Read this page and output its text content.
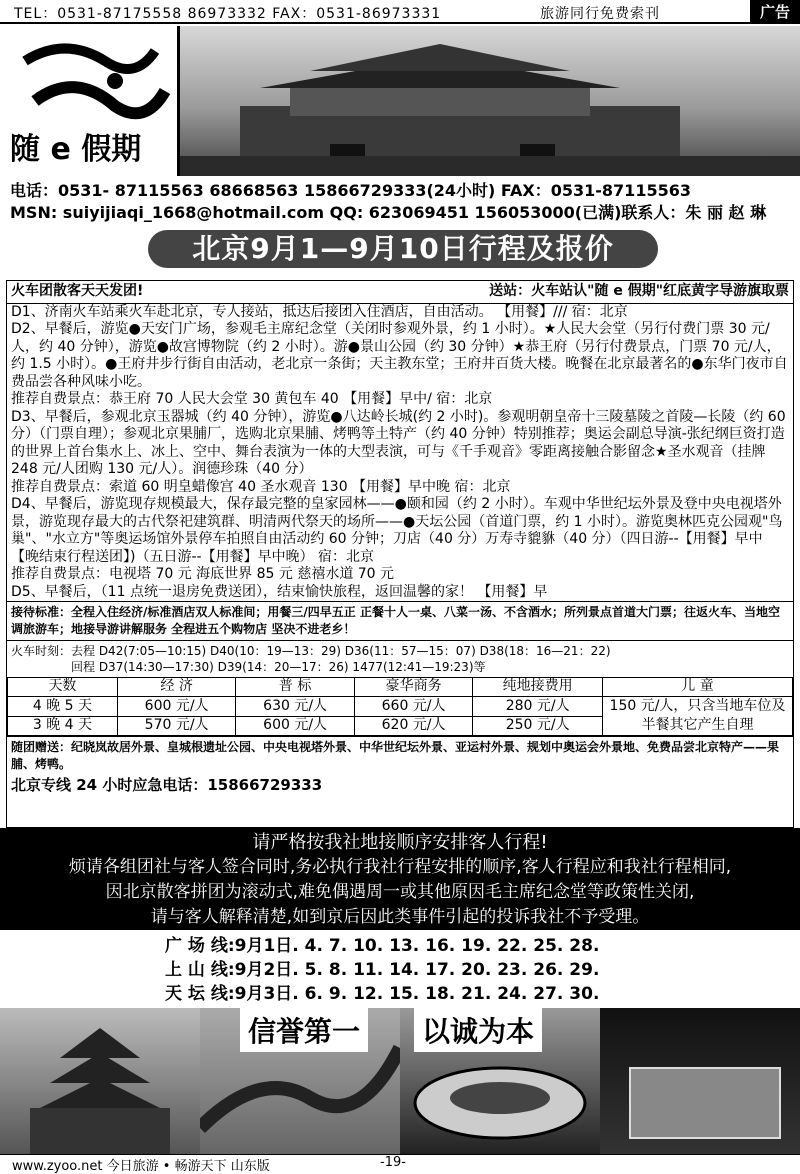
TEL：0531-87175558 86973332 FAX：0531-86973331	旅游同行免费索刊	广告
随 e 假期
电话：0531- 87115563 68668563 15866729333(24小时) FAX：0531-87115563
MSN: suiyijiaqi_1668@hotmail.com QQ: 623069451 156053000(已满)联系人：朱 丽 赵 琳
北京9月1—9月10日行程及报价
火车团散客天天发团!	送站：火车站认"随 e 假期"红底黄字导游旗取票
D1、济南火车站乘火车赴北京，专人接站，抵达后接团入住酒店，自由活动。 【用餐】/// 宿：北京
D2、早餐后，游览●天安门广场，参观毛主席纪念堂（关闭时参观外景，约 1 小时）。★人民大会堂（另行付费门票 30 元/人，约 40 分钟），游览●故宫博物院（约 2 小时）。游●景山公园（约 30 分钟）★恭王府（另行付费景点，门票 70 元/人，约 1.5 小时）。●王府井步行街自由活动，老北京一条街；天主教东堂；王府井百货大楼。晚餐在北京最著名的●东华门夜市自费品尝各种风味小吃。
推荐自费景点：恭王府 70 人民大会堂 30 黄包车 40 【用餐】早中/ 宿：北京
D3、早餐后，参观北京玉器城（约 40 分钟），游览●八达岭长城(约 2 小时)。参观明朝皇帝十三陵墓陵之首陵—长陵（约 60 分）（门票自理）；参观北京果脯厂，选购北京果脯、烤鸭等土特产（约 40 分钟）特别推荐；奥运会副总导演-张纪纲巨资打造的世界上首台集水上、冰上、空中、舞台表演为一体的大型表演，可与《千手观音》零距离接触合影留念★圣水观音（挂牌 248 元/人团购 130 元/人）。润德珍珠（40 分）
推荐自费景点：索道 60 明皇蜡像宫 40 圣水观音 130 【用餐】早中晚 宿：北京
D4、早餐后，游览现存规模最大，保存最完整的皇家园林——●颐和园（约 2 小时）。车观中华世纪坛外景及登中央电视塔外景，游览现存最大的古代祭祀建筑群、明清两代祭天的场所——●天坛公园（首道门票，约 1 小时）。游览奥林匹克公园观"鸟巢"、"水立方"等奥运场馆外景停车拍照自由活动约 60 分钟；刀店（40 分）万寿寺貔貅（40 分）（四日游--【用餐】早中【晚结束行程送团】)（五日游--【用餐】早中晚） 宿：北京
推荐自费景点：电视塔 70 元 海底世界 85 元 慈禧水道 70 元
D5、早餐后，（11 点统一退房免费送团），结束愉快旅程，返回温馨的家！ 【用餐】早
接待标准：全程入住经济/标准酒店双人标准间；用餐三/四早五正 正餐十人一桌、八菜一汤、不含酒水；所列景点首道大门票；往返火车、当地空调旅游车；地接导游讲解服务 全程进五个购物店 坚决不进老乡！
火车时刻：去程 D42(7:05—10:15) D40(10：19—13：29) D36(11：57—15：07) D38(18：16—21：22)
回程 D37(14:30—17:30) D39(14：20—17：26) 1477(12:41—19:23)等
天数	经 济	普 标	豪华商务	纯地接费用	儿 童
4 晚 5 天	600 元/人	630 元/人	660 元/人	280 元/人	150 元/人，只含当地车位及半餐其它产生自理
3 晚 4 天	570 元/人	600 元/人	620 元/人	250 元/人	
随团赠送：纪晓岚故居外景、皇城根遗址公园、中央电视塔外景、中华世纪坛外景、亚运村外景、规划中奥运会外景地、免费品尝北京特产——果脯、烤鸭。
北京专线 24 小时应急电话：15866729333
请严格按我社地接顺序安排客人行程!
烦请各组团社与客人签合同时,务必执行我社行程安排的顺序,客人行程应和我社行程相同,
因北京散客拼团为滚动式,难免偶遇周一或其他原因毛主席纪念堂等政策性关闭,
请与客人解释清楚,如到京后因此类事件引起的投诉我社不予受理。
广 场 线:9月1日. 4. 7. 10. 13. 16. 19. 22. 25. 28.
上 山 线:9月2日. 5. 8. 11. 14. 17. 20. 23. 26. 29.
天 坛 线:9月3日. 6. 9. 12. 15. 18. 21. 24. 27. 30.
信誉第一 以诚为本
www.zyoo.net 今日旅游 • 畅游天下 山东版	-19-
